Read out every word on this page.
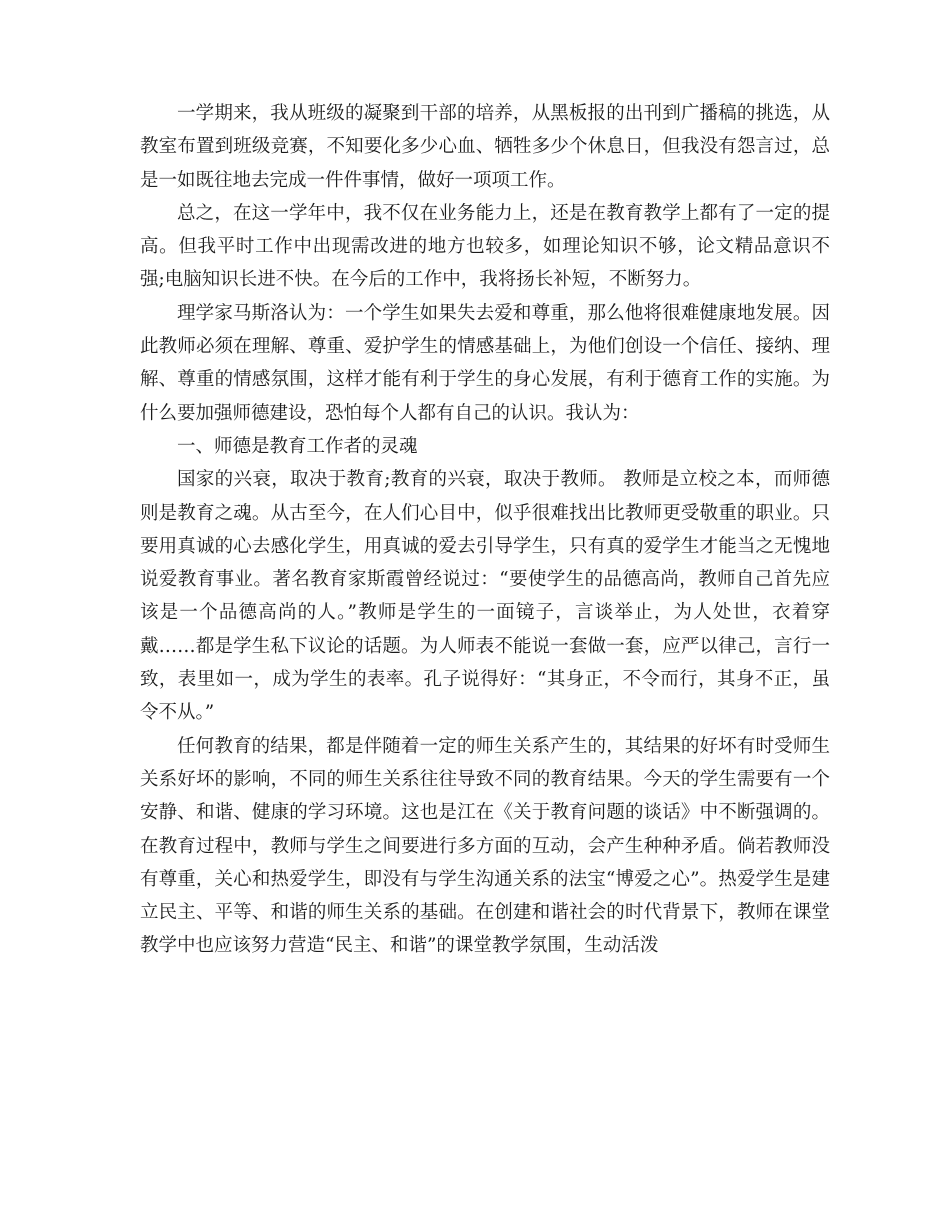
一学期来，我从班级的凝聚到干部的培养，从黑板报的出刊到广播稿的挑选，从教室布置到班级竞赛，不知要化多少心血、牺牲多少个休息日，但我没有怨言过，总是一如既往地去完成一件件事情，做好一项项工作。

总之，在这一学年中，我不仅在业务能力上，还是在教育教学上都有了一定的提高。但我平时工作中出现需改进的地方也较多，如理论知识不够，论文精品意识不强;电脑知识长进不快。在今后的工作中，我将扬长补短，不断努力。

理学家马斯洛认为：一个学生如果失去爱和尊重，那么他将很难健康地发展。因此教师必须在理解、尊重、爱护学生的情感基础上，为他们创设一个信任、接纳、理解、尊重的情感氛围，这样才能有利于学生的身心发展，有利于德育工作的实施。为什么要加强师德建设，恐怕每个人都有自己的认识。我认为：

一、师德是教育工作者的灵魂

国家的兴衰，取决于教育;教育的兴衰，取决于教师。 教师是立校之本，而师德则是教育之魂。从古至今，在人们心目中，似乎很难找出比教师更受敬重的职业。只要用真诚的心去感化学生，用真诚的爱去引导学生，只有真的爱学生才能当之无愧地说爱教育事业。著名教育家斯霞曾经说过：“要使学生的品德高尚，教师自己首先应该是一个品德高尚的人。”教师是学生的一面镜子，言谈举止，为人处世，衣着穿戴……都是学生私下议论的话题。为人师表不能说一套做一套，应严以律己，言行一致，表里如一，成为学生的表率。孔子说得好：“其身正，不令而行，其身不正，虽令不从。”

任何教育的结果，都是伴随着一定的师生关系产生的，其结果的好坏有时受师生关系好坏的影响，不同的师生关系往往导致不同的教育结果。今天的学生需要有一个安静、和谐、健康的学习环境。这也是江在《关于教育问题的谈话》中不断强调的。在教育过程中，教师与学生之间要进行多方面的互动，会产生种种矛盾。倘若教师没有尊重，关心和热爱学生，即没有与学生沟通关系的法宝“博爱之心”。热爱学生是建立民主、平等、和谐的师生关系的基础。在创建和谐社会的时代背景下，教师在课堂教学中也应该努力营造“民主、和谐”的课堂教学氛围，生动活泼
